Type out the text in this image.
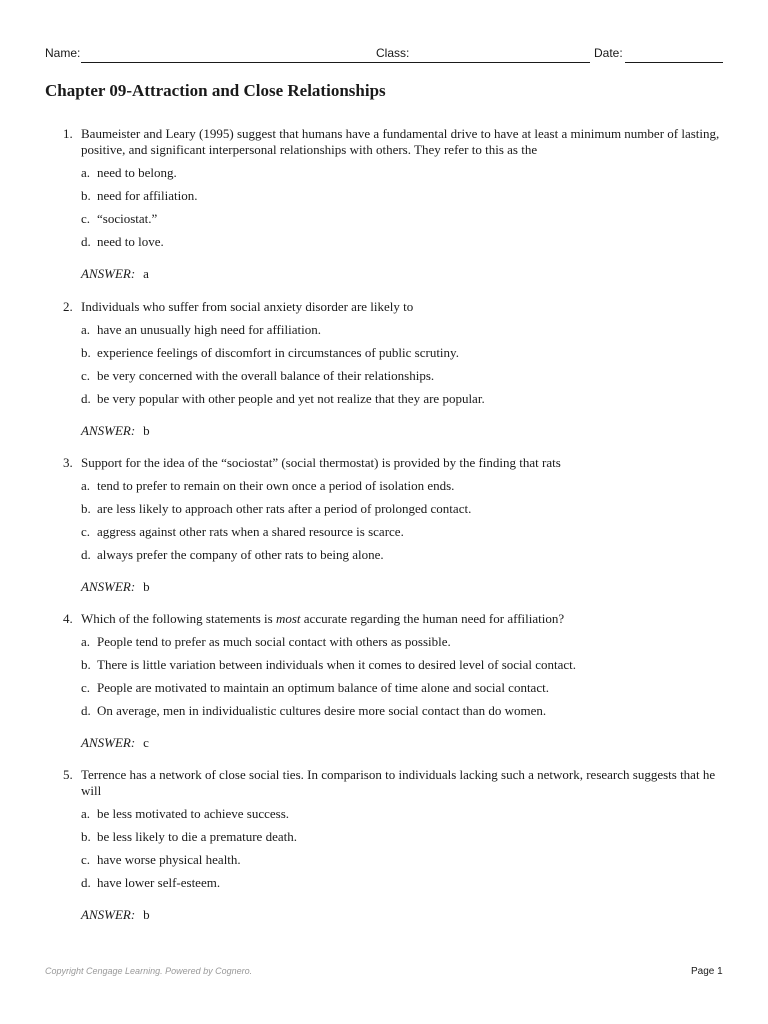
Name:	Class:	Date:
Chapter 09-Attraction and Close Relationships
1. Baumeister and Leary (1995) suggest that humans have a fundamental drive to have at least a minimum number of lasting, positive, and significant interpersonal relationships with others. They refer to this as the
a. need to belong.
b. need for affiliation.
c. “sociostat.”
d. need to love.
ANSWER: a
2. Individuals who suffer from social anxiety disorder are likely to
a. have an unusually high need for affiliation.
b. experience feelings of discomfort in circumstances of public scrutiny.
c. be very concerned with the overall balance of their relationships.
d. be very popular with other people and yet not realize that they are popular.
ANSWER: b
3. Support for the idea of the “sociostat” (social thermostat) is provided by the finding that rats
a. tend to prefer to remain on their own once a period of isolation ends.
b. are less likely to approach other rats after a period of prolonged contact.
c. aggress against other rats when a shared resource is scarce.
d. always prefer the company of other rats to being alone.
ANSWER: b
4. Which of the following statements is most accurate regarding the human need for affiliation?
a. People tend to prefer as much social contact with others as possible.
b. There is little variation between individuals when it comes to desired level of social contact.
c. People are motivated to maintain an optimum balance of time alone and social contact.
d. On average, men in individualistic cultures desire more social contact than do women.
ANSWER: c
5. Terrence has a network of close social ties. In comparison to individuals lacking such a network, research suggests that he will
a. be less motivated to achieve success.
b. be less likely to die a premature death.
c. have worse physical health.
d. have lower self-esteem.
ANSWER: b
Copyright Cengage Learning. Powered by Cognero.	Page 1
